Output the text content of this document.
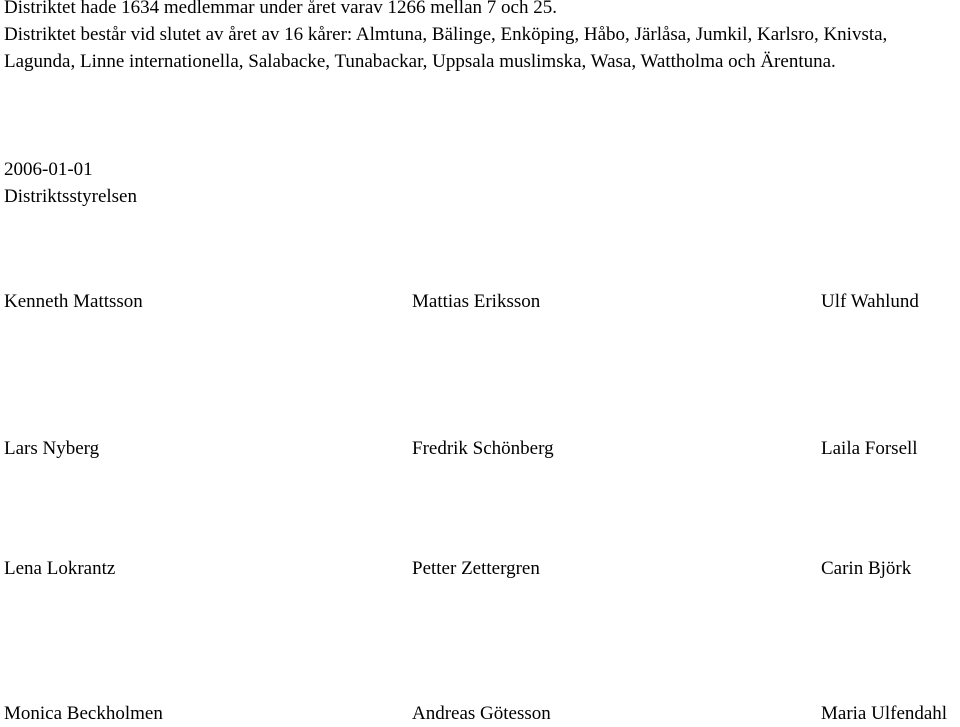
Distriktet hade 1634 medlemmar under året varav 1266 mellan 7 och 25.

Distriktet består vid slutet av året av 16 kårer: Almtuna, Bälinge, Enköping, Håbo, Järlåsa, Jumkil, Karlsro, Knivsta, Lagunda, Linne internationella, Salabacke, Tunabackar, Uppsala muslimska, Wasa, Wattholma och Ärentuna.

2006-01-01
Distriktsstyrelsen
Kenneth Mattsson	Mattias Eriksson	Ulf Wahlund
Lars Nyberg	Fredrik Schönberg	Laila Forsell
Lena Lokrantz	Petter Zettergren	Carin Björk
Monica Beckholmen	Andreas Götesson	Maria Ulfendahl
